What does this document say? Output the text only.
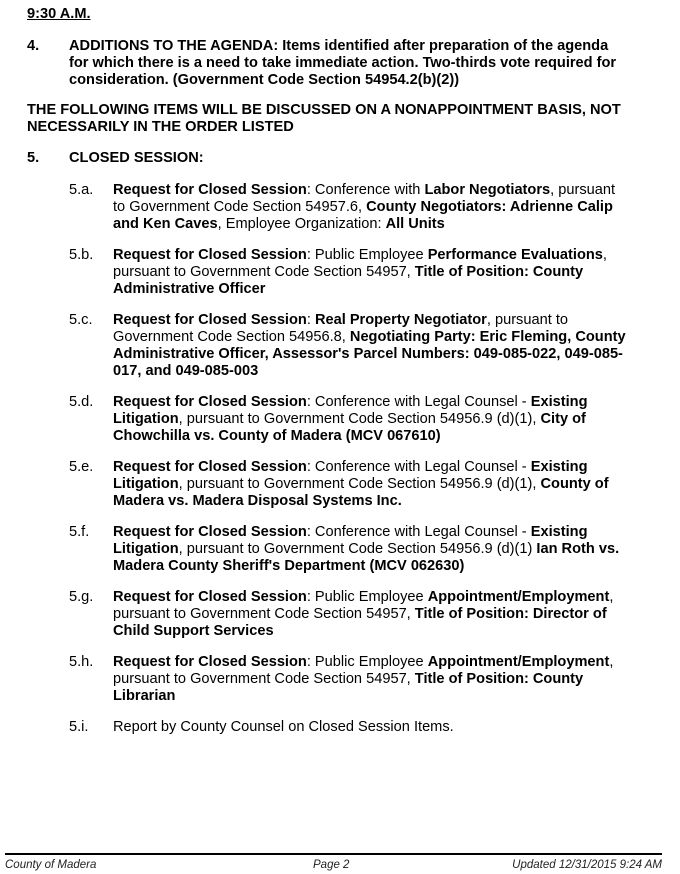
9:30 A.M.
4. ADDITIONS TO THE AGENDA: Items identified after preparation of the agenda for which there is a need to take immediate action. Two-thirds vote required for consideration. (Government Code Section 54954.2(b)(2))
THE FOLLOWING ITEMS WILL BE DISCUSSED ON A NONAPPOINTMENT BASIS, NOT NECESSARILY IN THE ORDER LISTED
5. CLOSED SESSION:
5.a. Request for Closed Session: Conference with Labor Negotiators, pursuant to Government Code Section 54957.6, County Negotiators: Adrienne Calip and Ken Caves, Employee Organization: All Units
5.b. Request for Closed Session: Public Employee Performance Evaluations, pursuant to Government Code Section 54957, Title of Position: County Administrative Officer
5.c. Request for Closed Session: Real Property Negotiator, pursuant to Government Code Section 54956.8, Negotiating Party: Eric Fleming, County Administrative Officer, Assessor's Parcel Numbers: 049-085-022, 049-085-017, and 049-085-003
5.d. Request for Closed Session: Conference with Legal Counsel - Existing Litigation, pursuant to Government Code Section 54956.9 (d)(1), City of Chowchilla vs. County of Madera (MCV 067610)
5.e. Request for Closed Session: Conference with Legal Counsel - Existing Litigation, pursuant to Government Code Section 54956.9 (d)(1), County of Madera vs. Madera Disposal Systems Inc.
5.f. Request for Closed Session: Conference with Legal Counsel - Existing Litigation, pursuant to Government Code Section 54956.9 (d)(1) Ian Roth vs. Madera County Sheriff's Department (MCV 062630)
5.g. Request for Closed Session: Public Employee Appointment/Employment, pursuant to Government Code Section 54957, Title of Position: Director of Child Support Services
5.h. Request for Closed Session: Public Employee Appointment/Employment, pursuant to Government Code Section 54957, Title of Position: County Librarian
5.i. Report by County Counsel on Closed Session Items.
County of Madera	Page 2	Updated 12/31/2015 9:24 AM
